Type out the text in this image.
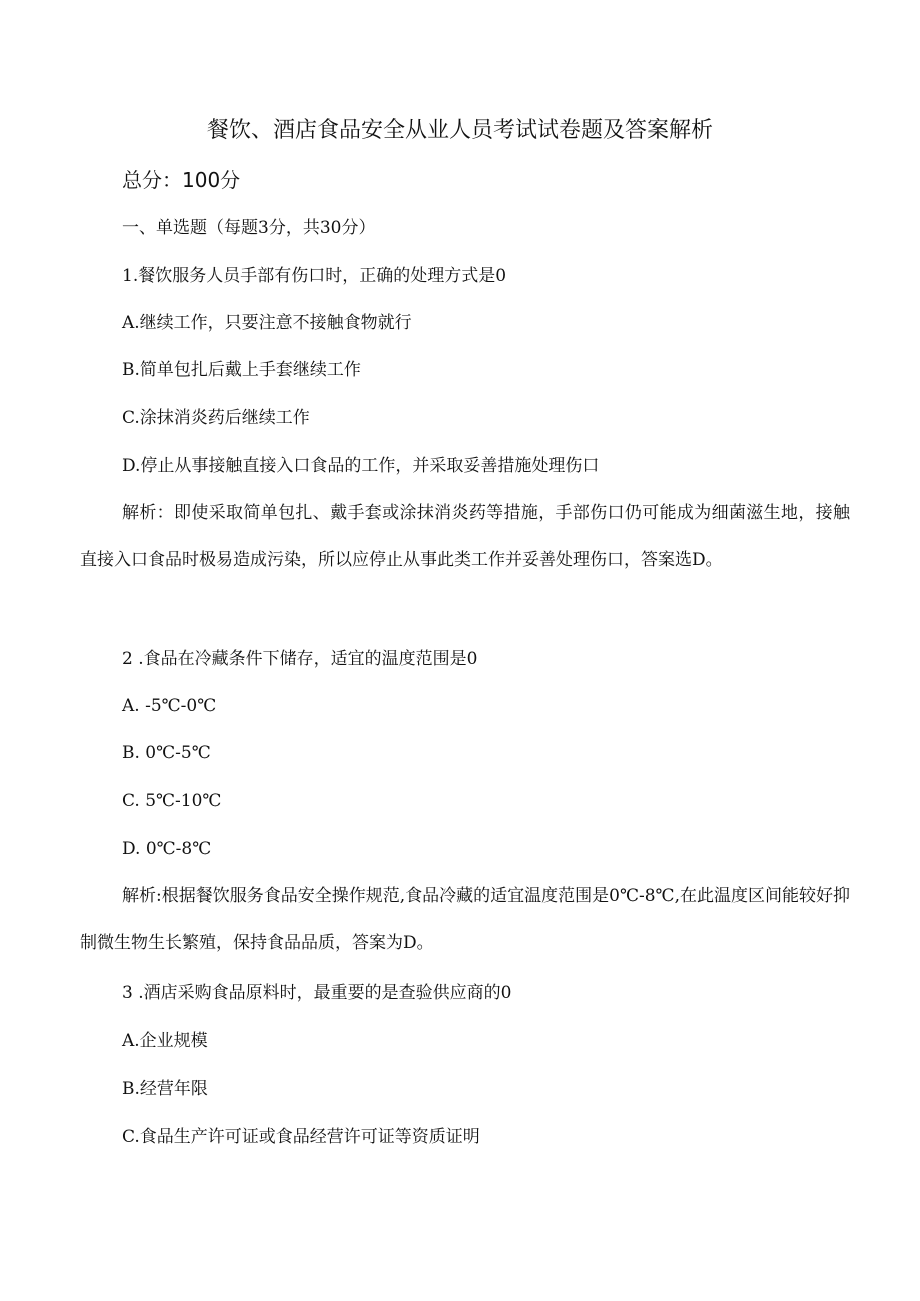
餐饮、酒店食品安全从业人员考试试卷题及答案解析
总分：100分
一、单选题（每题3分，共30分）
1.餐饮服务人员手部有伤口时，正确的处理方式是0
A.继续工作，只要注意不接触食物就行
B.简单包扎后戴上手套继续工作
C.涂抹消炎药后继续工作
D.停止从事接触直接入口食品的工作，并采取妥善措施处理伤口

解析：即使采取简单包扎、戴手套或涂抹消炎药等措施，手部伤口仍可能成为细菌滋生地，接触直接入口食品时极易造成污染，所以应停止从事此类工作并妥善处理伤口，答案选D。

2 .食品在冷藏条件下储存，适宜的温度范围是0
A. -5℃-0℃
B. 0℃-5℃
C. 5℃-10℃
D. 0℃-8℃

解析:根据餐饮服务食品安全操作规范,食品冷藏的适宜温度范围是0℃-8℃,在此温度区间能较好抑制微生物生长繁殖，保持食品品质，答案为D。

3 .酒店采购食品原料时，最重要的是查验供应商的0
A.企业规模
B.经营年限
C.食品生产许可证或食品经营许可证等资质证明
